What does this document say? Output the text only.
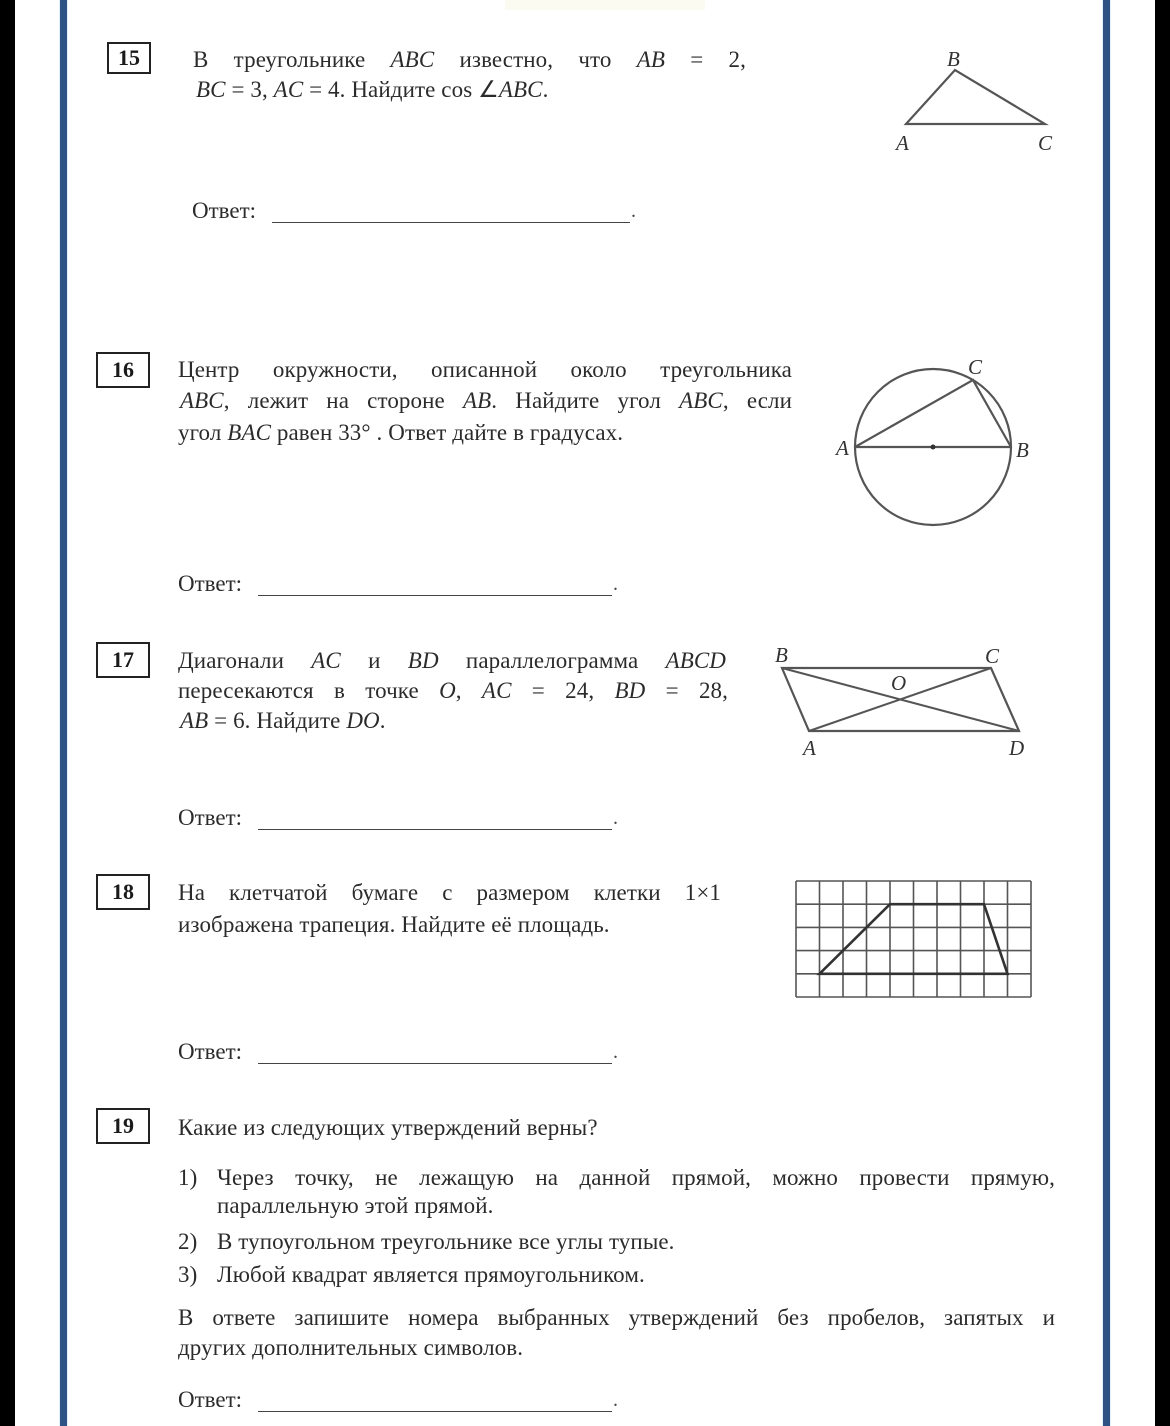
15	В треугольнике ABC известно, что AB = 2,
BC = 3, AC = 4. Найдите cos ∠ABC.
B
A	C
Ответ:	.
16	Центр окружности, описанной около треугольника
ABC, лежит на стороне AB. Найдите угол ABC, если
угол BAC равен 33° . Ответ дайте в градусах.
C
A	B
Ответ:	.
17	Диагонали AC и BD параллелограмма ABCD
пересекаются в точке O, AC = 24, BD = 28,
AB = 6. Найдите DO.
B	C
O
A	D
Ответ:	.
18	На клетчатой бумаге с размером клетки 1×1
изображена трапеция. Найдите её площадь.
Ответ:	.
19	Какие из следующих утверждений верны?
1) Через точку, не лежащую на данной прямой, можно провести прямую,
параллельную этой прямой.
2) В тупоугольном треугольнике все углы тупые.
3) Любой квадрат является прямоугольником.
В ответе запишите номера выбранных утверждений без пробелов, запятых и
других дополнительных символов.
Ответ:	.
